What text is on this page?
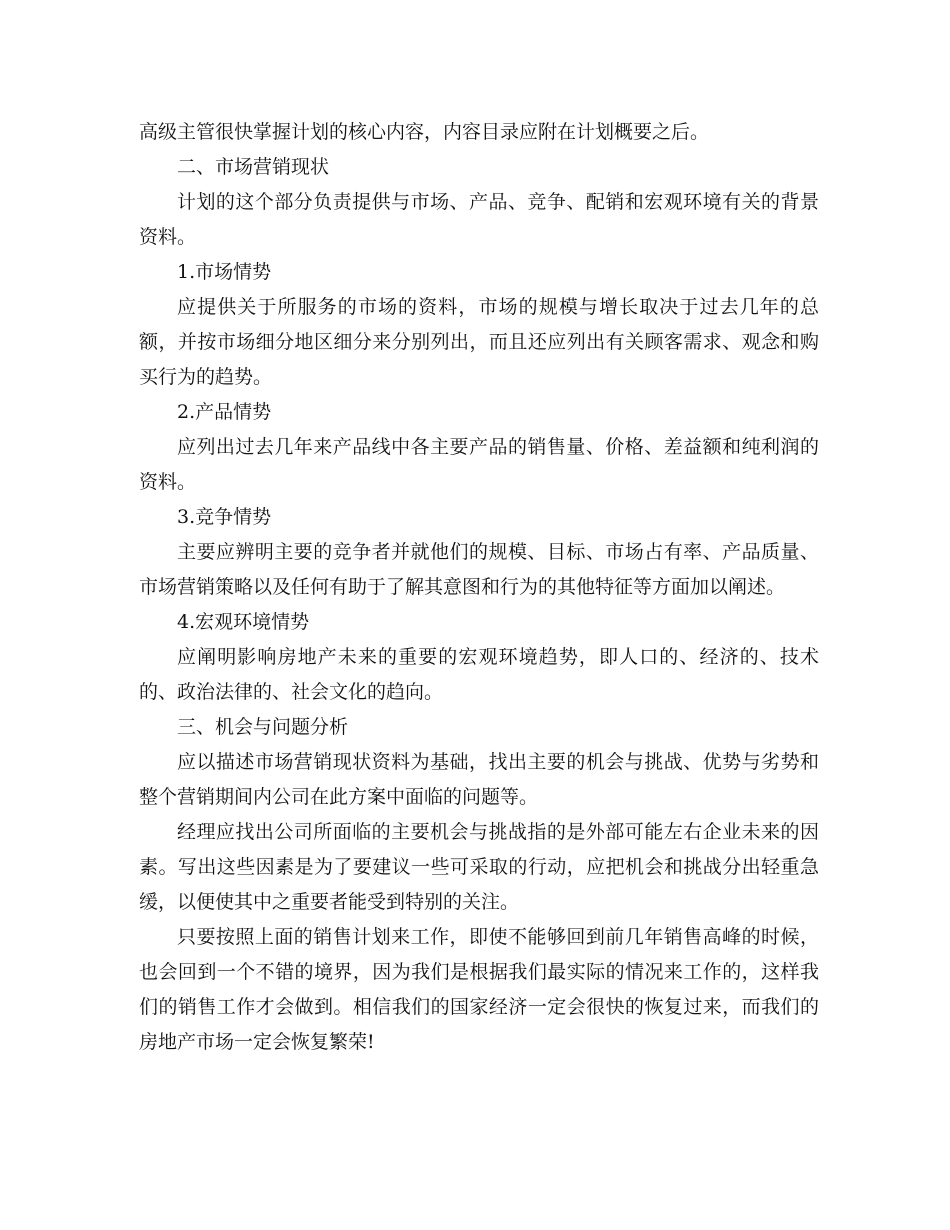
高级主管很快掌握计划的核心内容，内容目录应附在计划概要之后。

二、市场营销现状

计划的这个部分负责提供与市场、产品、竞争、配销和宏观环境有关的背景资料。

1.市场情势

应提供关于所服务的市场的资料，市场的规模与增长取决于过去几年的总额，并按市场细分地区细分来分别列出，而且还应列出有关顾客需求、观念和购买行为的趋势。

2.产品情势

应列出过去几年来产品线中各主要产品的销售量、价格、差益额和纯利润的资料。

3.竞争情势

主要应辨明主要的竞争者并就他们的规模、目标、市场占有率、产品质量、市场营销策略以及任何有助于了解其意图和行为的其他特征等方面加以阐述。

4.宏观环境情势

应阐明影响房地产未来的重要的宏观环境趋势，即人口的、经济的、技术的、政治法律的、社会文化的趋向。

三、机会与问题分析

应以描述市场营销现状资料为基础，找出主要的机会与挑战、优势与劣势和整个营销期间内公司在此方案中面临的问题等。

经理应找出公司所面临的主要机会与挑战指的是外部可能左右企业未来的因素。写出这些因素是为了要建议一些可采取的行动，应把机会和挑战分出轻重急缓，以便使其中之重要者能受到特别的关注。

只要按照上面的销售计划来工作，即使不能够回到前几年销售高峰的时候，也会回到一个不错的境界，因为我们是根据我们最实际的情况来工作的，这样我们的销售工作才会做到。相信我们的国家经济一定会很快的恢复过来，而我们的房地产市场一定会恢复繁荣!
